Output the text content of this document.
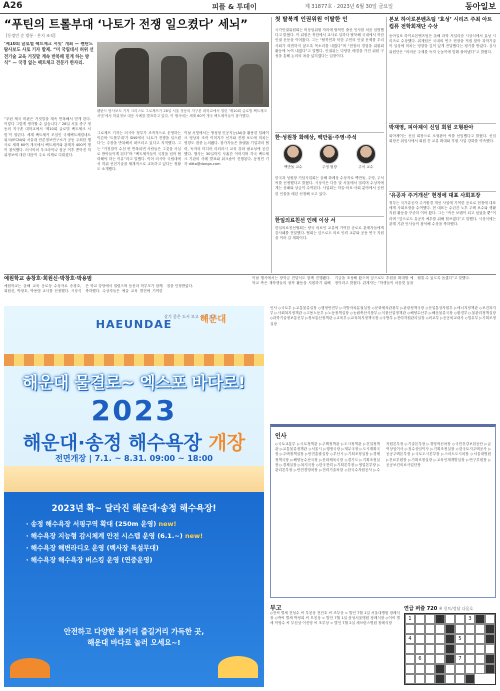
A26	피플 & 투데이	제 31877호 · 2023년 6월 30일 금요일	동아일보
“푸틴의 트롤부대 ‘나토가 전쟁 일으켰다’ 세뇌”
[동정민 순 방통 · 본지 조직]
‘제10회 글로벌 팩트체크 서밋’ 개최 — 펜탄드 탐사보도 사로 기자 발제. “미 국립대서 허위 선전기술 교육 거짓말 계속 반복해 믿게 하는 방식” — 국경 없는 팩트체크 전문가 한자리.
펜탄드 탐사보도 기자 크리스토 그로제프가 28일 서울 정동의 지구촌 대학교에서 열린 ‘제10회 글로벌 팩트체크 서밋’에서 허위정보 대응 사례를 발표하고 있다. 이 행사에는 세계 60여 개국 팩트체커들이 참가했다.
“푸틴 제국 비판은 거짓말을 계속 반복해서 믿게 한다. 이렇다 그렇게 생각할 수 있습니다.” 28일 서울 중구 정동의 지구촌 대학교에서 ‘제10회 글로벌 팩트체크 서밋’이 열린다. 세계 팩트체커 모임인 국제팩트체킹네트워크(IFCN)와 서울대 언론정보연구소가 공동 주최한 행사로 세계 60여 개국에서 팩트체커와 관계자 400여 명이 참석했다. 러시아의 우크라이나 침공 이후 쏟아진 허위정보에 대한 대응이 주요 의제로 다뤄졌다.
그로제프 기자는 러시아 정부가 조직적으로 운영하는 이른바 ‘트롤부대’가 SNS에서 ‘나토가 전쟁을 일으켰다’는 주장을 반복해서 퍼뜨리고 있다고 지적했다. 그는 “거짓말이 수천 번 반복되면 사람들은 그것을 사실로 받아들이게 된다”며 “팩트체커들이 국경을 넘어 협력해야 하는 이유”라고 말했다. 이어 러시아 국립대에서 허위 선전기술을 체계적으로 교육하고 있다는 정황도 소개했다.
이날 서밋에서는 생성형 인공지능(AI)을 활용한 딥페이크 영상과 조작 이미지가 선거와 전쟁 보도에 미치는 영향도 집중 논의됐다. 참가자들은 플랫폼 기업과의 협력, 독자의 미디어 리터러시 교육 강화 필요성에 공감했다. 행사는 30일까지 사흘간 이어지며 각국 팩트체크 기관의 사례 발표와 워크숍이 진행된다. 동정민 기자 ditto@donga.com
첫 탈북계 인권위원 이탈한 인
국가인권위원회는 비상임위원 자리에 탈북민 출신 인사를 처음 임명했다고 밝혔다. 이 위원은 북한에서 교사로 일하다 탈북해 국내에서 북한 인권 운동을 이어왔다. 그는 “탈북민과 북한 주민의 인권 문제를 우리 사회가 외면하지 않도록 목소리를 내겠다”며 “현장의 경험을 위원회 활동에 녹여 내겠다”고 말했다. 인권위는 다양한 배경을 가진 위원 구성을 통해 논의의 폭을 넓히겠다는 입장이다.
한·성원창 화례상, 백만돌·주영·주석
백만돌 교수	주영 원장	주석 교수
한국과 성원창 기념사업회는 올해 화례상 수상자로 백만돌, 주영, 주석 씨를 선정했다고 밝혔다. 시상식은 다음 달 서울에서 열리며 수상자에게는 상패와 상금이 수여된다. 사업회는 학술·의료·사회 분야에서 공헌한 인물을 매년 선정해 오고 있다.
한일의료친선 인례 이상 서
한일의료친선협회는 양국 의료인 교류에 기여한 공로로 관계자들에게 감사패를 전달했다. 협회는 앞으로도 의료 인력 교류와 공동 연구 지원을 이어 갈 계획이다.
본보 하이로본벤츠팀 ‘효성’ 시리즈 주최 아트컵퓨 전학회재단 수상
동아일보 하이로본벤츠팀은 올해 과학 저널리즘 시상식에서 효성 시리즈로 수상했다. 취재팀은 국내외 연구 현장을 직접 찾아 과학기술이 일상에 미치는 영향을 깊이 있게 전달했다는 평가를 받았다. 심사위원단은 “어려운 주제를 독자 눈높이에 맞춰 풀어냈다”고 밝혔다.
박재영, 피아제이 신임 회원 오형완아
피아제이는 신임 회장으로 오형완아 씨를 선임했다고 밝혔다. 신임 회장은 취임사에서 회원 간 교류 확대와 후원 사업 강화를 약속했다.
‘유공자 주거개선’ 현정에 대표 사회포장
정부는 국가유공자 주거환경 개선 사업에 기여한 공로로 현정에 대표에게 사회포장을 수여했다. 현 대표는 수년간 노후 주택 보수와 생활 지원 활동을 꾸준히 이어 왔다. 그는 “작은 보탬이 되고 싶었을 뿐”이라며 “앞으로도 유공자 예우를 위해 힘쓰겠다”고 말했다. 시상식에는 관계 기관 인사들이 참석해 수상을 축하했다.
예원학교 송창호·희원신·박창호·박용범
예원학교는 올해 교육 공로상 수상자로 송창호, 희원신, 박창호, 박용범 교사를 선정했다. 시상식은 학교 강당에서 열렸으며 동문과 학부모가 함께 축하했다. 수상자들은 예술 교육 발전에 기여한 점을 인정받았다.
이날 행사에서는 장학금 전달식도 함께 진행됐다. 학교 측은 재학생들의 창작 활동을 지원하기 위해 기금을 조성해 왔으며 앞으로도 후원을 확대할 예정이라고 밝혔다. 관계자는 “학생들이 마음껏 꿈을 펼칠 수 있도록 돕겠다”고 말했다.
살기 좋은 도시 모고 싶은 도시
해운대
HAEUNDAE
해운대 물결로~ 엑스포 바다로!
2023
해운대·송정 해수욕장 개장
전면개장 | 7.1. ~ 8.31. 09:00 ~ 18:00
2023년 확~ 달라진 해운대·송정 해수욕장!
· 송정 해수욕장 서핑구역 확대 (250m 운영) new!
· 해수욕장 지능형 감시체계 안전 시스템 운영 (6.1.~) new!
· 해수욕장 해변라디오 운영 (백사장 특설무대)
· 해수욕장 해수욕장 버스킹 운영 (연중운영)
안전하고 다양한 볼거리 즐길거리 가득한 곳,
해운대 바다로 놀러 오세요~!
인사 ◇국토부 ▷교통물류실장 ◇행정안전부 ▷지방자치분권실장 ◇문화체육관광부 ▷관광정책국장 ◇산업통상자원부 ▷에너지정책관 ◇보건복지부 ▷사회복지정책관 ◇고용노동부 ▷노동정책실장 ◇농림축산식품부 ▷식품산업정책관 ◇해양수산부 ▷해운물류국장 ◇환경부 ▷물관리정책실장 ◇과학기술정보통신부 ▷정보통신정책관 ◇교육부 ▷교육복지정책국장 ◇국방부 ▷전력자원관리실장 ◇외교부 ▷공공외교대사 ◇법무부 ▷기획조정실장
인사
◇국토교통부 ▷국토정책관 ▷주택정책관 ▷도시정책관 ▷건설정책관 ▷교통물류정책관 ◇서울시 ▷행정국장 ▷재무국장 ▷도시계획국장 ▷주택정책실장 ▷안전총괄실장 ◇부산시 ▷기획조정실장 ▷경제정책국장 ▷해양농수산국장 ▷문화체육국장 ◇경기도 ▷기획조정실장 ▷경제실장 ▷복지국장 ◇한국전력 ▷기획본부장 ▷영업본부장 ▷관리본부장 ▷안전경영처장 ▷전력기술처장 ◇한국수자원공사 ▷수자원본부장 ▷기술본부장 ▷경영혁신처장 ◇국민건강보험공단 ▷급여상임이사 ▷징수상임이사 ▷기획조정실장 ◇한국토지주택공사 ▷공공주택본부장 ▷국토도시본부장 ▷스마트도시처장 ◇서울대병원 ▷진료부원장 ▷기획조정실장 ▷교육인재개발실장 ▷연구부원장 ▷공공보건의료사업단장
부고
◇전씨 별세 전성수 씨 부친상 전진호 씨 조부상 = 발인 7월 1일 서울대병원 장례식장 ◇박씨 별세 박정희 씨 모친상 = 발인 7월 1일 삼성서울병원 장례식장 ◇이씨 별세 이영수 씨 부친상 이진영 씨 조부상 = 발인 7월 2일 세브란스병원 장례식장
연급 퍼즐 720 ※ 힌트/정답 다음호
1	2	3
4	5
6	7
